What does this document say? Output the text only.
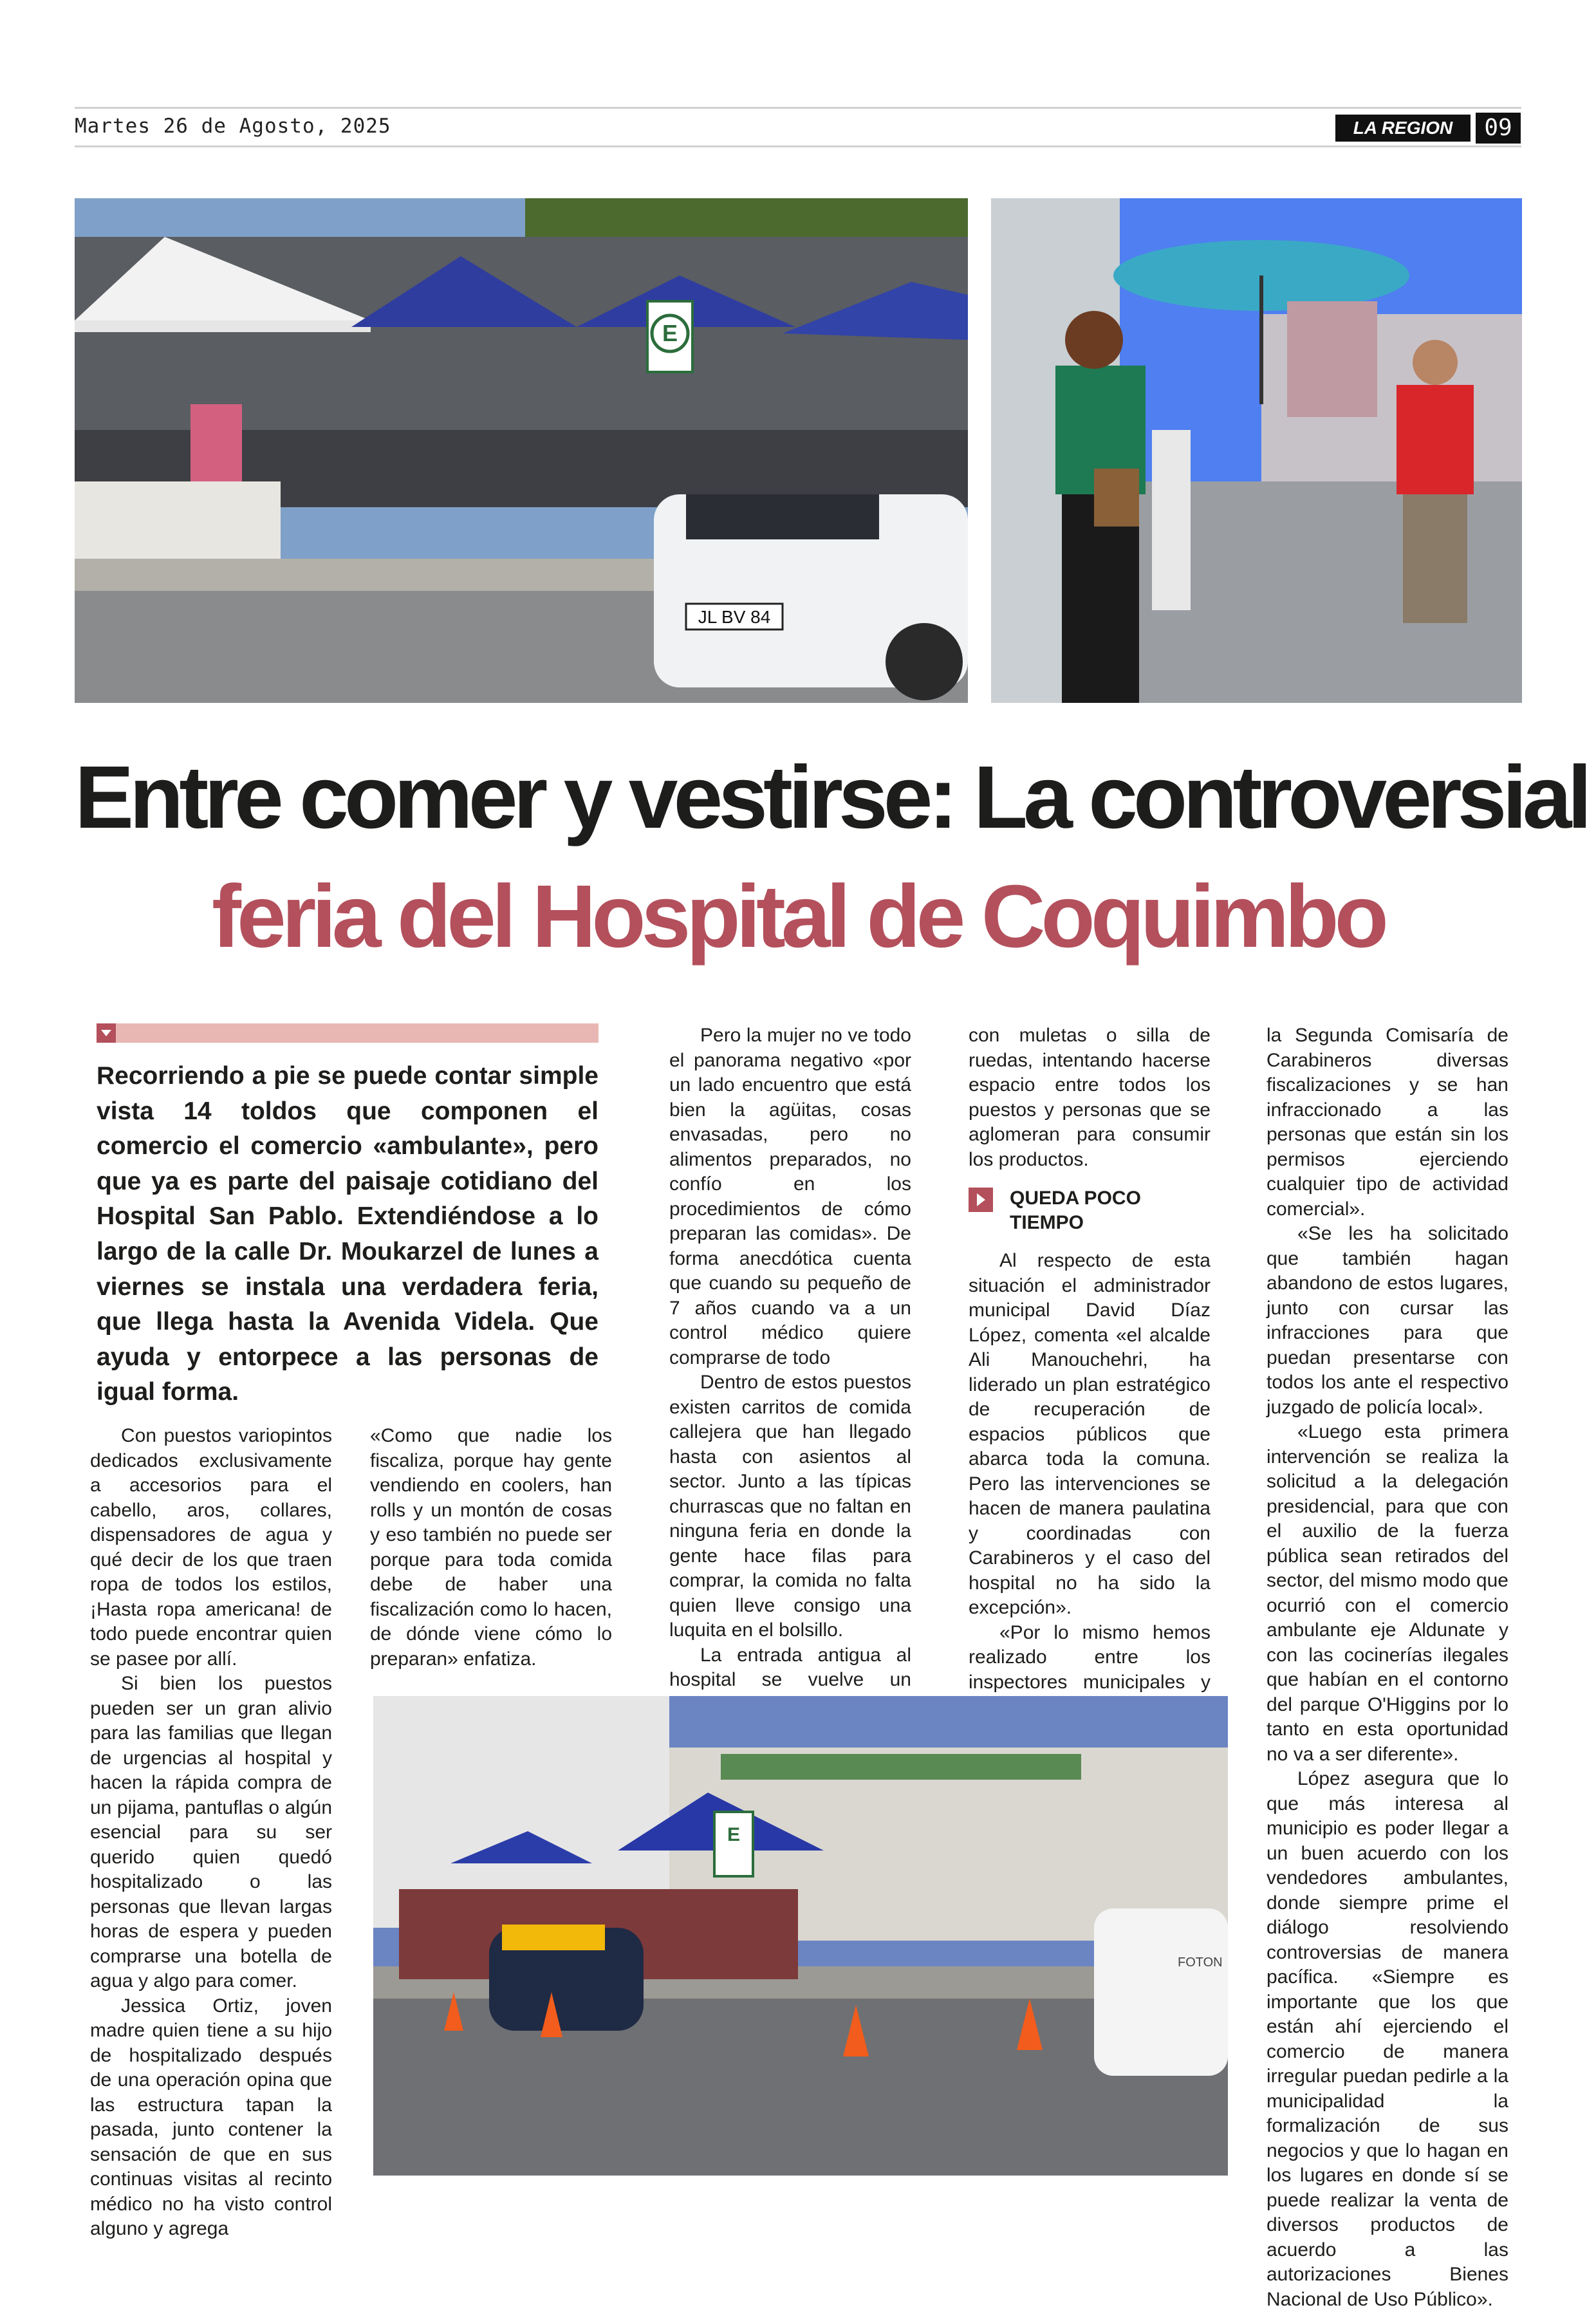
Martes 26 de Agosto, 2025	LA REGION	09
JL BV 84
E
Entre comer y vestirse: La controversial
feria del Hospital de Coquimbo
Recorriendo a pie se puede contar simple vista 14 toldos que componen el comercio el comercio «ambulante», pero que ya es parte del paisaje cotidiano del Hospital San Pablo. Extendiéndose a lo largo de la calle Dr. Moukarzel de lunes a viernes se instala una verdadera feria, que llega hasta la Avenida Videla. Que ayuda y entorpece a las personas de igual forma.

Con puestos variopintos dedicados exclusivamente a accesorios para el cabello, aros, collares, dispensadores de agua y qué decir de los que traen ropa de todos los estilos, ¡Hasta ropa americana! de todo puede encontrar quien se pasee por allí.

Si bien los puestos pueden ser un gran alivio para las familias que llegan de urgencias al hospital y hacen la rápida compra de un pijama, pantuflas o algún esencial para su ser querido quien quedó hospitalizado o las personas que llevan largas horas de espera y pueden comprarse una botella de agua y algo para comer.

Jessica Ortiz, joven madre quien tiene a su hijo de hospitalizado después de una operación opina que las estructura tapan la pasada, junto contener la sensación de que en sus continuas visitas al recinto médico no ha visto control alguno y agrega

«Como que nadie los fiscaliza, porque hay gente vendiendo en coolers, han rolls y un montón de cosas y eso también no puede ser porque para toda comida debe de haber una fiscalización como lo hacen, de dónde viene cómo lo preparan» enfatiza.

Pero la mujer no ve todo el panorama negativo «por un lado encuentro que está bien la agüitas, cosas envasadas, pero no alimentos preparados, no confío en los procedimientos de cómo preparan las comidas». De forma anecdótica cuenta que cuando su pequeño de 7 años cuando va a un control médico quiere comprarse de todo

Dentro de estos puestos existen carritos de comida callejera que han llegado hasta con asientos al sector. Junto a las típicas churrascas que no faltan en ninguna feria en donde la gente hace filas para comprar, la comida no falta quien lleve consigo una luquita en el bolsillo.

La entrada antigua al hospital se vuelve un

con muletas o silla de ruedas, intentando hacerse espacio entre todos los puestos y personas que se aglomeran para consumir los productos.

QUEDA POCO TIEMPO

Al respecto de esta situación el administrador municipal David Díaz López, comenta «el alcalde Ali Manouchehri, ha liderado un plan estratégico de recuperación de espacios públicos que abarca toda la comuna. Pero las intervenciones se hacen de manera paulatina y coordinadas con Carabineros y el caso del hospital no ha sido la excepción».

«Por lo mismo hemos realizado entre los inspectores municipales y

la Segunda Comisaría de Carabineros diversas fiscalizaciones y se han infraccionado a las personas que están sin los permisos ejerciendo cualquier tipo de actividad comercial».

«Se les ha solicitado que también hagan abandono de estos lugares, junto con cursar las infracciones para que puedan presentarse con todos los ante el respectivo juzgado de policía local».

«Luego esta primera intervención se realiza la solicitud a la delegación presidencial, para que con el auxilio de la fuerza pública sean retirados del sector, del mismo modo que ocurrió con el comercio ambulante eje Aldunate y con las cocinerías ilegales que habían en el contorno del parque O'Higgins por lo tanto en esta oportunidad no va a ser diferente».

López asegura que lo que más interesa al municipio es poder llegar a un buen acuerdo con los vendedores ambulantes, donde siempre prime el diálogo resolviendo controversias de manera pacífica. «Siempre es importante que los que están ahí ejerciendo el comercio de manera irregular puedan pedirle a la municipalidad la formalización de sus negocios y que lo hagan en los lugares en donde sí se puede realizar la venta de diversos productos de acuerdo a las autorizaciones Bienes Nacional de Uso Público».

FOTON
E
